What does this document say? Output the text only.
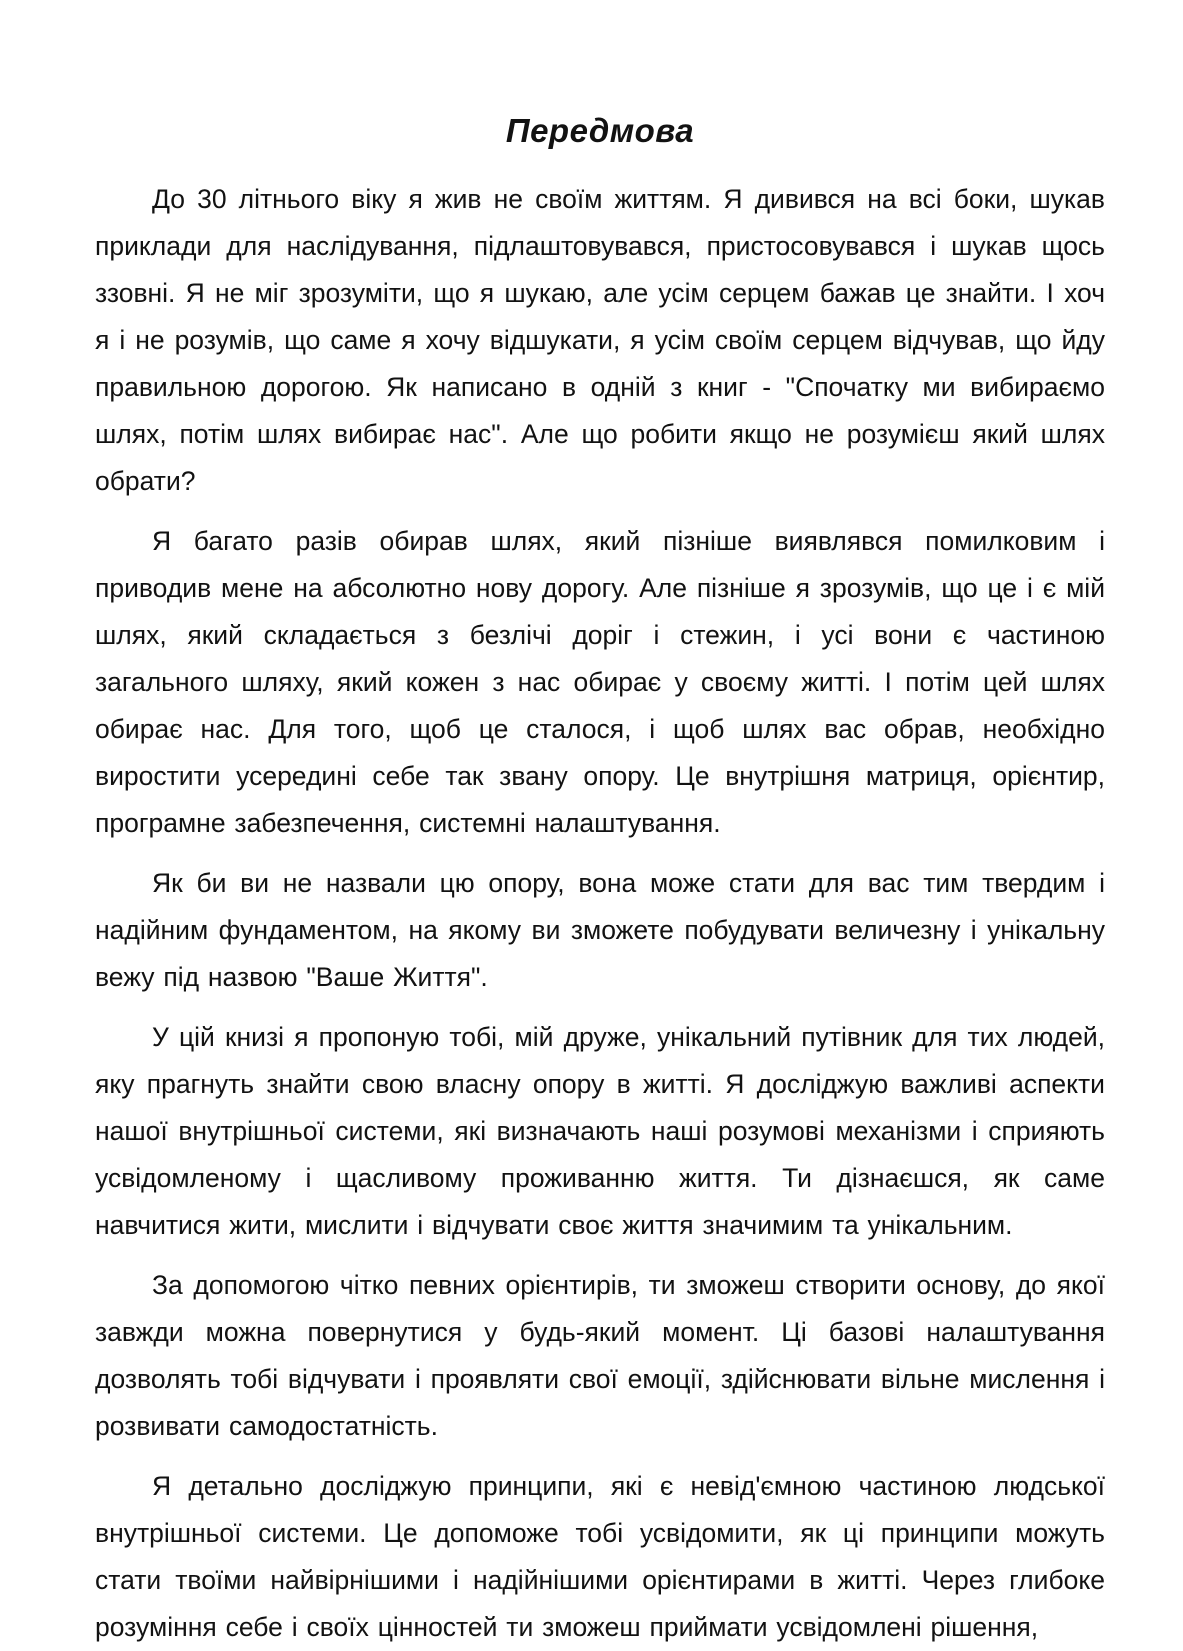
Передмова

До 30 літнього віку я жив не своїм життям. Я дивився на всі боки, шукав приклади для наслідування, підлаштовувався, пристосовувався і шукав щось ззовні. Я не міг зрозуміти, що я шукаю, але усім серцем бажав це знайти. І хоч я і не розумів, що саме я хочу відшукати, я усім своїм серцем відчував, що йду правильною дорогою. Як написано в одній з книг - "Спочатку ми вибираємо шлях, потім шлях вибирає нас". Але що робити якщо не розумієш який шлях обрати?

Я багато разів обирав шлях, який пізніше виявлявся помилковим і приводив мене на абсолютно нову дорогу. Але пізніше я зрозумів, що це і є мій шлях, який складається з безлічі доріг і стежин, і усі вони є частиною загального шляху, який кожен з нас обирає у своєму житті. І потім цей шлях обирає нас. Для того, щоб це сталося, і щоб шлях вас обрав, необхідно виростити усередині себе так звану опору. Це внутрішня матриця, орієнтир, програмне забезпечення, системні налаштування.

Як би ви не назвали цю опору, вона може стати для вас тим твердим і надійним фундаментом, на якому ви зможете побудувати величезну і унікальну вежу під назвою "Ваше Життя".

У цій книзі я пропоную тобі, мій друже, унікальний путівник для тих людей, яку прагнуть знайти свою власну опору в житті. Я досліджую важливі аспекти нашої внутрішньої системи, які визначають наші розумові механізми і сприяють усвідомленому і щасливому проживанню життя. Ти дізнаєшся, як саме навчитися жити, мислити і відчувати своє життя значимим та унікальним.

За допомогою чітко певних орієнтирів, ти зможеш створити основу, до якої завжди можна повернутися у будь-який момент. Ці базові налаштування дозволять тобі відчувати і проявляти свої емоції, здійснювати вільне мислення і розвивати самодостатність.

Я детально досліджую принципи, які є невід'ємною частиною людської внутрішньої системи. Це допоможе тобі усвідомити, як ці принципи можуть стати твоїми найвірнішими і надійнішими орієнтирами в житті. Через глибоке розуміння себе і своїх цінностей ти зможеш приймати усвідомлені рішення,
